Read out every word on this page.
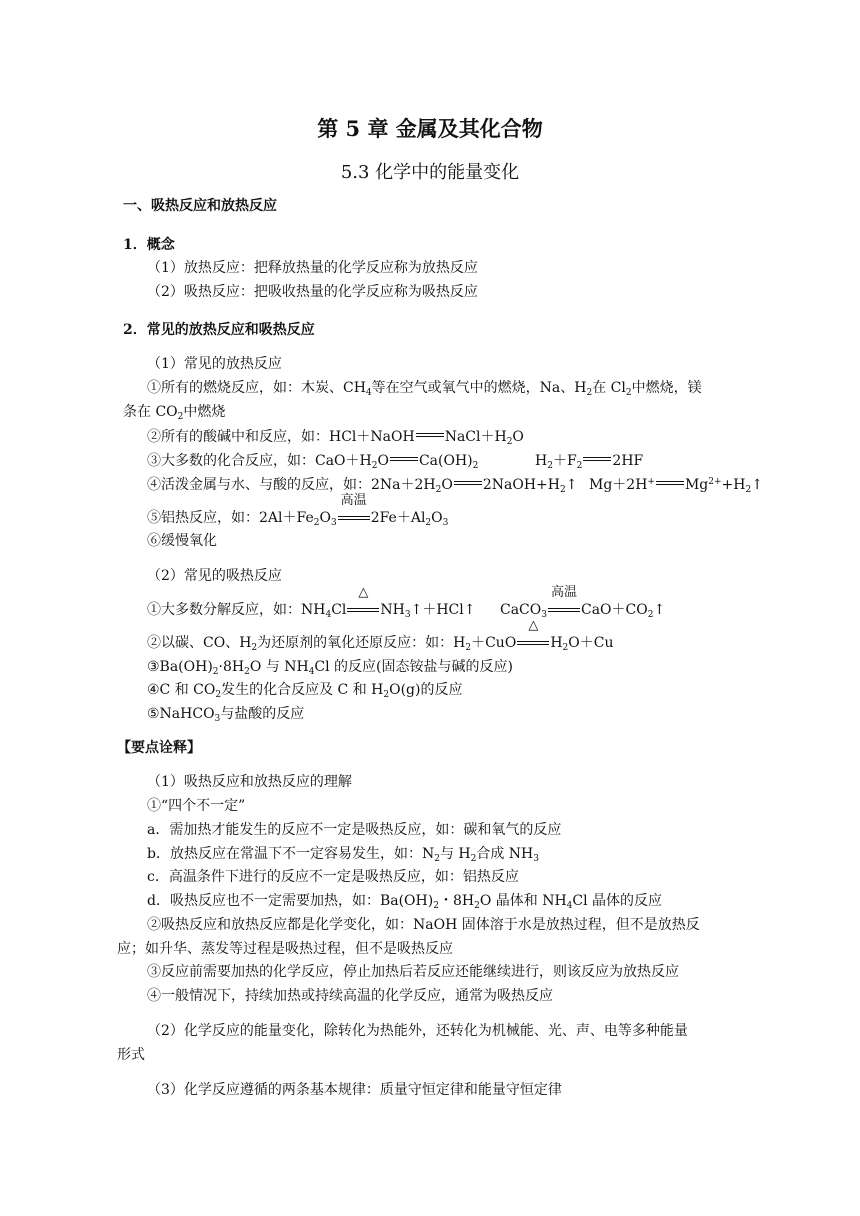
第 5 章 金属及其化合物
5.3 化学中的能量变化
一、吸热反应和放热反应
1．概念
（1）放热反应：把释放热量的化学反应称为放热反应
（2）吸热反应：把吸收热量的化学反应称为吸热反应
2．常见的放热反应和吸热反应
（1）常见的放热反应
①所有的燃烧反应，如：木炭、$CH_4$等在空气或氧气中的燃烧，Na、$H_2$在 $Cl_2$中燃烧，镁
条在 $CO_2$中燃烧
②所有的酸碱中和反应，如：HCl＋NaOH $NaCl+H_2O$
③大多数的化合反应，如：$CaO+H_2O$ $Ca(OH)_2$	$H_2+F_2$ 2HF
④活泼金属与水、与酸的反应，如：$2Na+2H_2O$ $2NaOH+H_2↑$ Mg＋2H+ $Mg^{2+}+H_2↑$
⑤铝热反应，如：$2Al+Fe_2O_3$
高温
$2Fe+Al_2O_3$
⑥缓慢氧化
（2）常见的吸热反应
①大多数分解反应，如：$NH_4Cl$
△
$NH_3↑+HCl↑$ CaCO$_3$
高温
$CaO+CO_2↑$
②以碳、CO、$H_2$为还原剂的氧化还原反应：如：$H_2+CuO$
△
$H_2O+Cu$
$③Ba(OH)_2\cdot 8H_2O$ 与 $NH_4Cl$ 的反应(固态铵盐与碱的反应)
④C 和 $CO_2$发生的化合反应及 C 和 $H_2O(g)$的反应
⑤NaHCO$_3$与盐酸的反应
【要点诠释】
（1）吸热反应和放热反应的理解
①“四个不一定”
a．需加热才能发生的反应不一定是吸热反应，如：碳和氧气的反应
b．放热反应在常温下不一定容易发生，如：$N_2$与 $H_2$合成 $NH_3$
c．高温条件下进行的反应不一定是吸热反应，如：铝热反应
d．吸热反应也不一定需要加热，如：$Ba(OH)_2$・$8H_2O$ 晶体和 $NH_4Cl$ 晶体的反应
②吸热反应和放热反应都是化学变化，如：NaOH 固体溶于水是放热过程，但不是放热反
应；如升华、蒸发等过程是吸热过程，但不是吸热反应
③反应前需要加热的化学反应，停止加热后若反应还能继续进行，则该反应为放热反应
④一般情况下，持续加热或持续高温的化学反应，通常为吸热反应
（2）化学反应的能量变化，除转化为热能外，还转化为机械能、光、声、电等多种能量
形式
（3）化学反应遵循的两条基本规律：质量守恒定律和能量守恒定律
